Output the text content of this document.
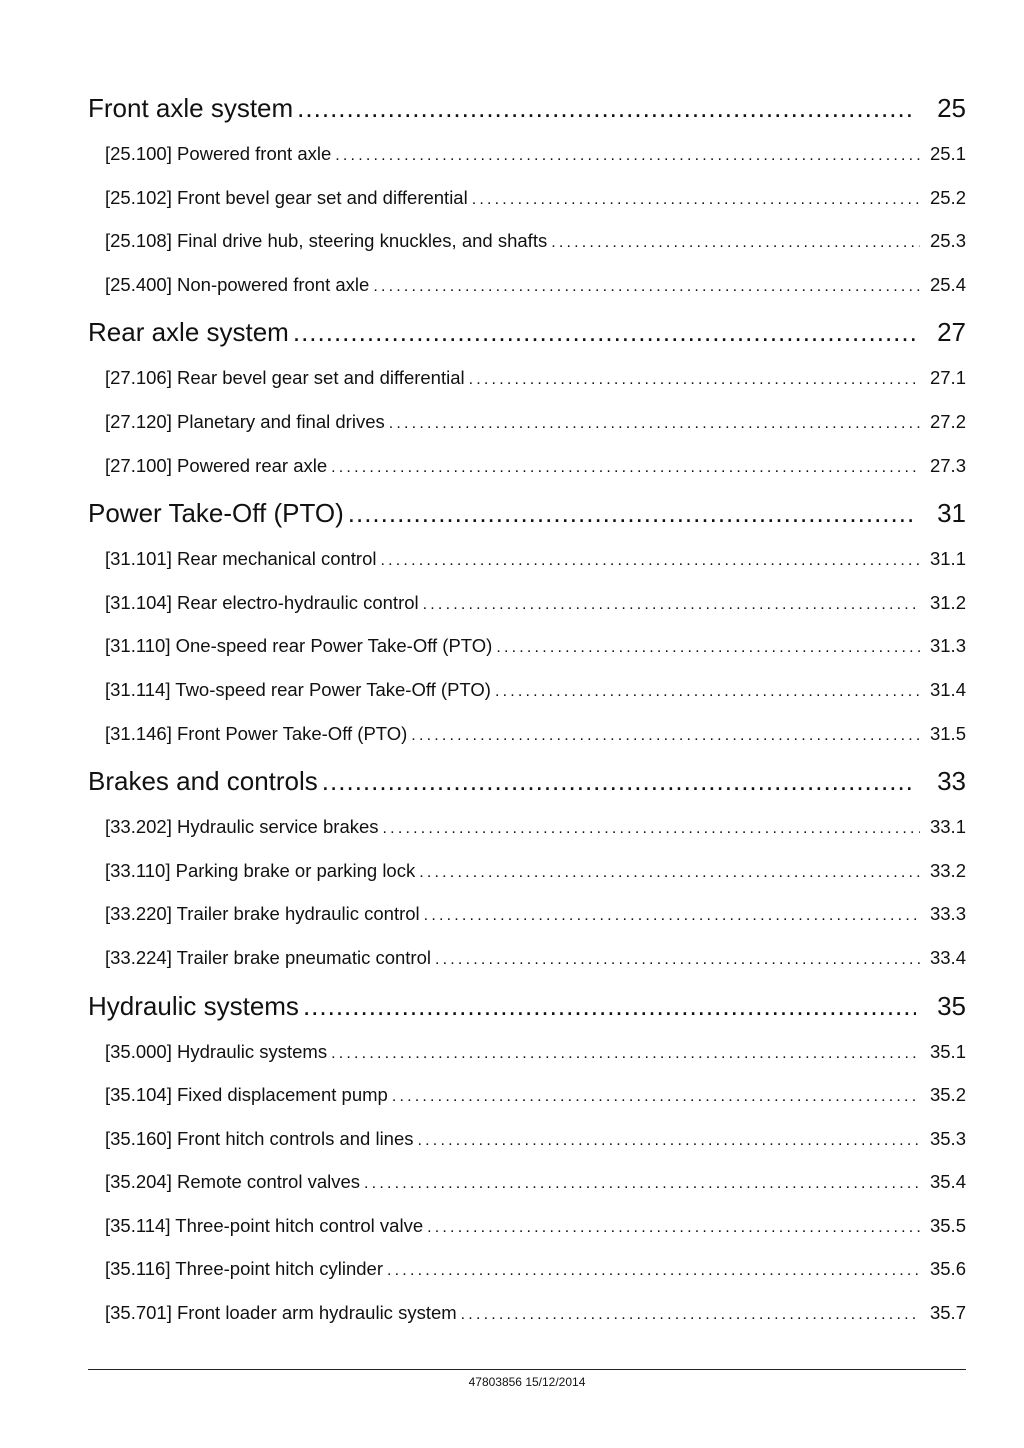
Front axle system .....	25
[25.100] Powered front axle .....	25.1
[25.102] Front bevel gear set and differential .....	25.2
[25.108] Final drive hub, steering knuckles, and shafts .....	25.3
[25.400] Non-powered front axle .....	25.4
Rear axle system .....	27
[27.106] Rear bevel gear set and differential .....	27.1
[27.120] Planetary and final drives .....	27.2
[27.100] Powered rear axle .....	27.3
Power Take-Off (PTO) .....	31
[31.101] Rear mechanical control .....	31.1
[31.104] Rear electro-hydraulic control .....	31.2
[31.110] One-speed rear Power Take-Off (PTO) .....	31.3
[31.114] Two-speed rear Power Take-Off (PTO) .....	31.4
[31.146] Front Power Take-Off (PTO) .....	31.5
Brakes and controls .....	33
[33.202] Hydraulic service brakes .....	33.1
[33.110] Parking brake or parking lock .....	33.2
[33.220] Trailer brake hydraulic control .....	33.3
[33.224] Trailer brake pneumatic control .....	33.4
Hydraulic systems .....	35
[35.000] Hydraulic systems .....	35.1
[35.104] Fixed displacement pump .....	35.2
[35.160] Front hitch controls and lines .....	35.3
[35.204] Remote control valves .....	35.4
[35.114] Three-point hitch control valve .....	35.5
[35.116] Three-point hitch cylinder .....	35.6
[35.701] Front loader arm hydraulic system .....	35.7
47803856 15/12/2014
